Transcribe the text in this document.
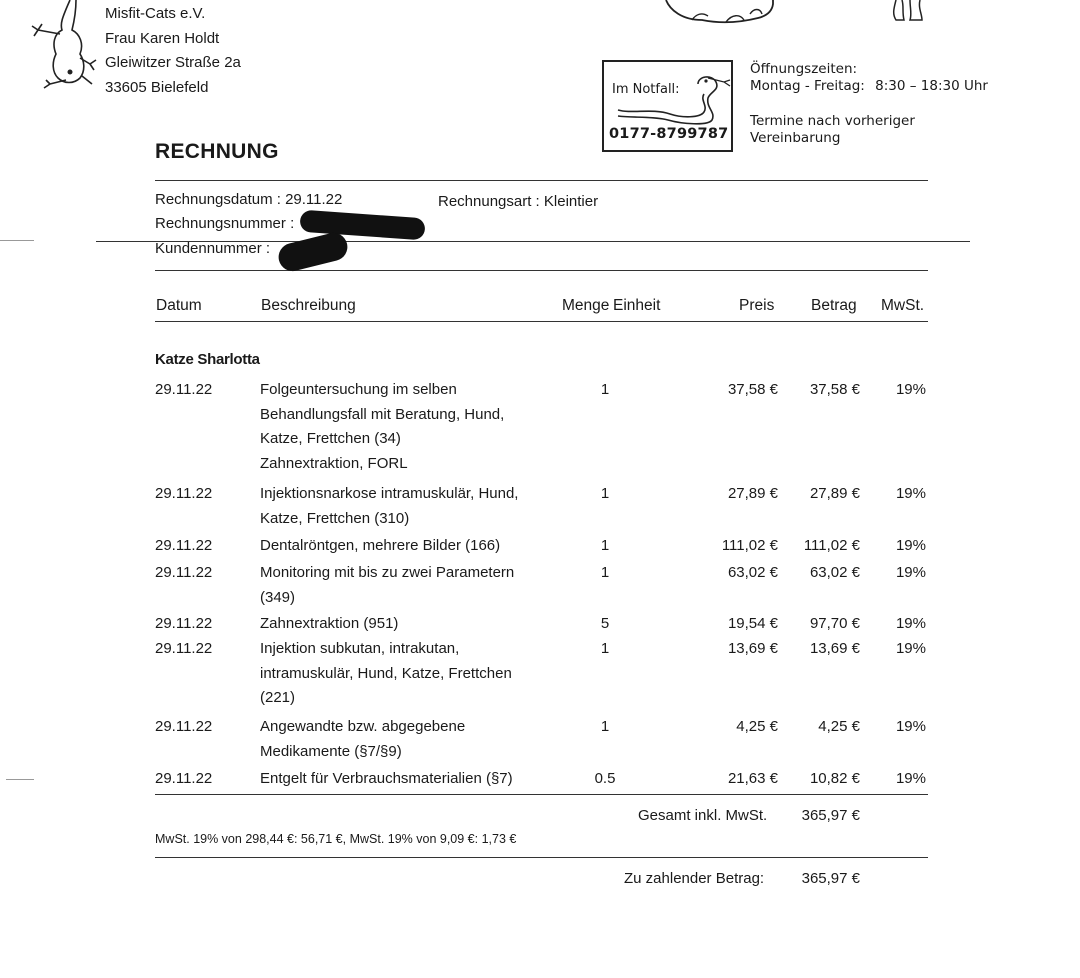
Misfit-Cats e.V.
Frau Karen Holdt
Gleiwitzer Straße 2a
33605 Bielefeld	Im Notfall:
0177-8799787
Öffnungszeiten:
Montag - Freitag: 8:30 – 18:30 Uhr
Termine nach vorheriger
Vereinbarung
RECHNUNG
Rechnungsdatum : 29.11.22	Rechnungsart : Kleintier
Rechnungsnummer :
Kundennummer :
Datum	Beschreibung	Menge Einheit	Preis Betrag MwSt.
Katze Sharlotta
29.11.22	Folgeuntersuchung im selben
Behandlungsfall mit Beratung, Hund,
Katze, Frettchen (34)
Zahnextraktion, FORL
1	37,58 €	37,58 €	19%
29.11.22	Injektionsnarkose intramuskulär, Hund,
Katze, Frettchen (310)
1	27,89 €	27,89 €	19%
29.11.22	Dentalröntgen, mehrere Bilder (166)	1	111,02 €	111,02 €	19%
29.11.22	Monitoring mit bis zu zwei Parametern
(349)
1	63,02 €	63,02 €	19%
29.11.22	Zahnextraktion (951)	5	19,54 €	97,70 €	19%
29.11.22	Injektion subkutan, intrakutan,
intramuskulär, Hund, Katze, Frettchen
(221)
1	13,69 €	13,69 €	19%
29.11.22	Angewandte bzw. abgegebene
Medikamente (§7/§9)
1	4,25 €	4,25 €	19%
29.11.22	Entgelt für Verbrauchsmaterialien (§7)	0.5	21,63 €	10,82 €	19%
Gesamt inkl. MwSt.	365,97 €
MwSt. 19% von 298,44 €: 56,71 €, MwSt. 19% von 9,09 €: 1,73 €
Zu zahlender Betrag:	365,97 €
